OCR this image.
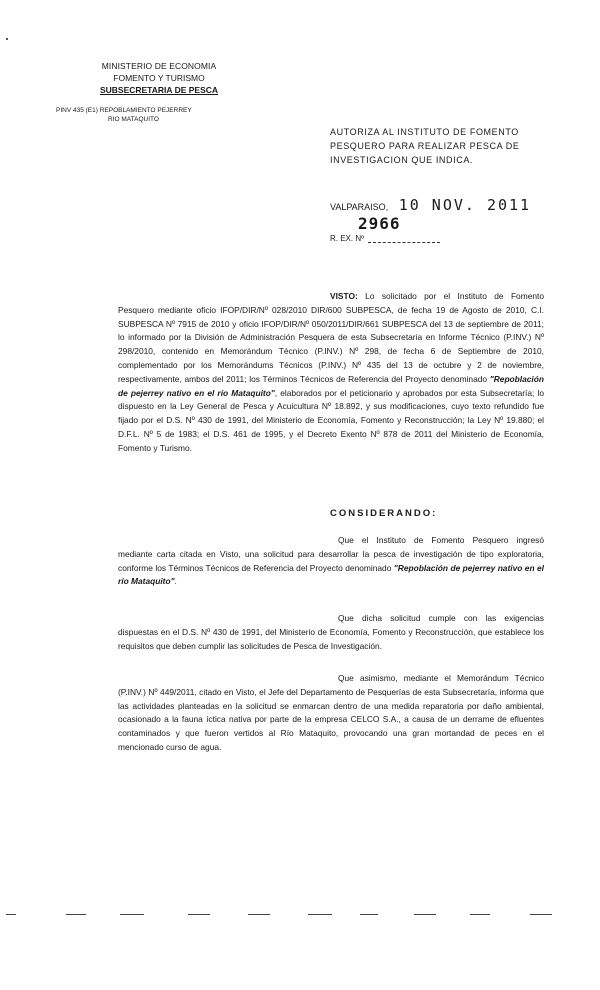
MINISTERIO DE ECONOMIA
FOMENTO Y TURISMO
SUBSECRETARIA DE PESCA
PINV 435 (E1) REPOBLAMIENTO PEJERREY
RIO MATAQUITO
AUTORIZA AL INSTITUTO DE FOMENTO PESQUERO PARA REALIZAR PESCA DE INVESTIGACION QUE INDICA.
VALPARAISO, 10 NOV. 2011
2966
R. EX. Nº
VISTO: Lo solicitado por el Instituto de Fomento Pesquero mediante oficio IFOP/DIR/Nº 028/2010 DIR/600 SUBPESCA, de fecha 19 de Agosto de 2010, C.I. SUBPESCA Nº 7915 de 2010 y oficio IFOP/DIR/Nº 050/2011/DIR/661 SUBPESCA del 13 de septiembre de 2011; lo informado por la División de Administración Pesquera de esta Subsecretaria en Informe Técnico (P.INV.) Nº 298/2010, contenido en Memorándum Técnico (P.INV.) Nº 298, de fecha 6 de Septiembre de 2010, complementado por los Memorándums Técnicos (P.INV.) Nº 435 del 13 de octubre y 2 de noviembre, respectivamente, ambos del 2011; los Términos Técnicos de Referencia del Proyecto denominado "Repoblación de pejerrey nativo en el río Mataquito", elaborados por el peticionario y aprobados por esta Subsecretaría; lo dispuesto en la Ley General de Pesca y Acuicultura Nº 18.892, y sus modificaciones, cuyo texto refundido fue fijado por el D.S. Nº 430 de 1991, del Ministerio de Economía, Fomento y Reconstrucción; la Ley Nº 19.880; el D.F.L. Nº 5 de 1983; el D.S. 461 de 1995, y el Decreto Exento Nº 878 de 2011 del Ministerio de Economía, Fomento y Turismo.
CONSIDERANDO:
Que el Instituto de Fomento Pesquero ingresó mediante carta citada en Visto, una solicitud para desarrollar la pesca de investigación de tipo exploratoria, conforme los Términos Técnicos de Referencia del Proyecto denominado "Repoblación de pejerrey nativo en el río Mataquito".
Que dicha solicitud cumple con las exigencias dispuestas en el D.S. Nº 430 de 1991, del Ministerio de Economía, Fomento y Reconstrucción, que establece los requisitos que deben cumplir las solicitudes de Pesca de Investigación.
Que asimismo, mediante el Memorándum Técnico (P.INV.) Nº 449/2011, citado en Visto, el Jefe del Departamento de Pesquerías de esta Subsecretaría, informa que las actividades planteadas en la solicitud se enmarcan dentro de una medida reparatoria por daño ambiental, ocasionado a la fauna íctica nativa por parte de la empresa CELCO S.A., a causa de un derrame de efluentes contaminados y que fueron vertidos al Río Mataquito, provocando una gran mortandad de peces en el mencionado curso de agua.
